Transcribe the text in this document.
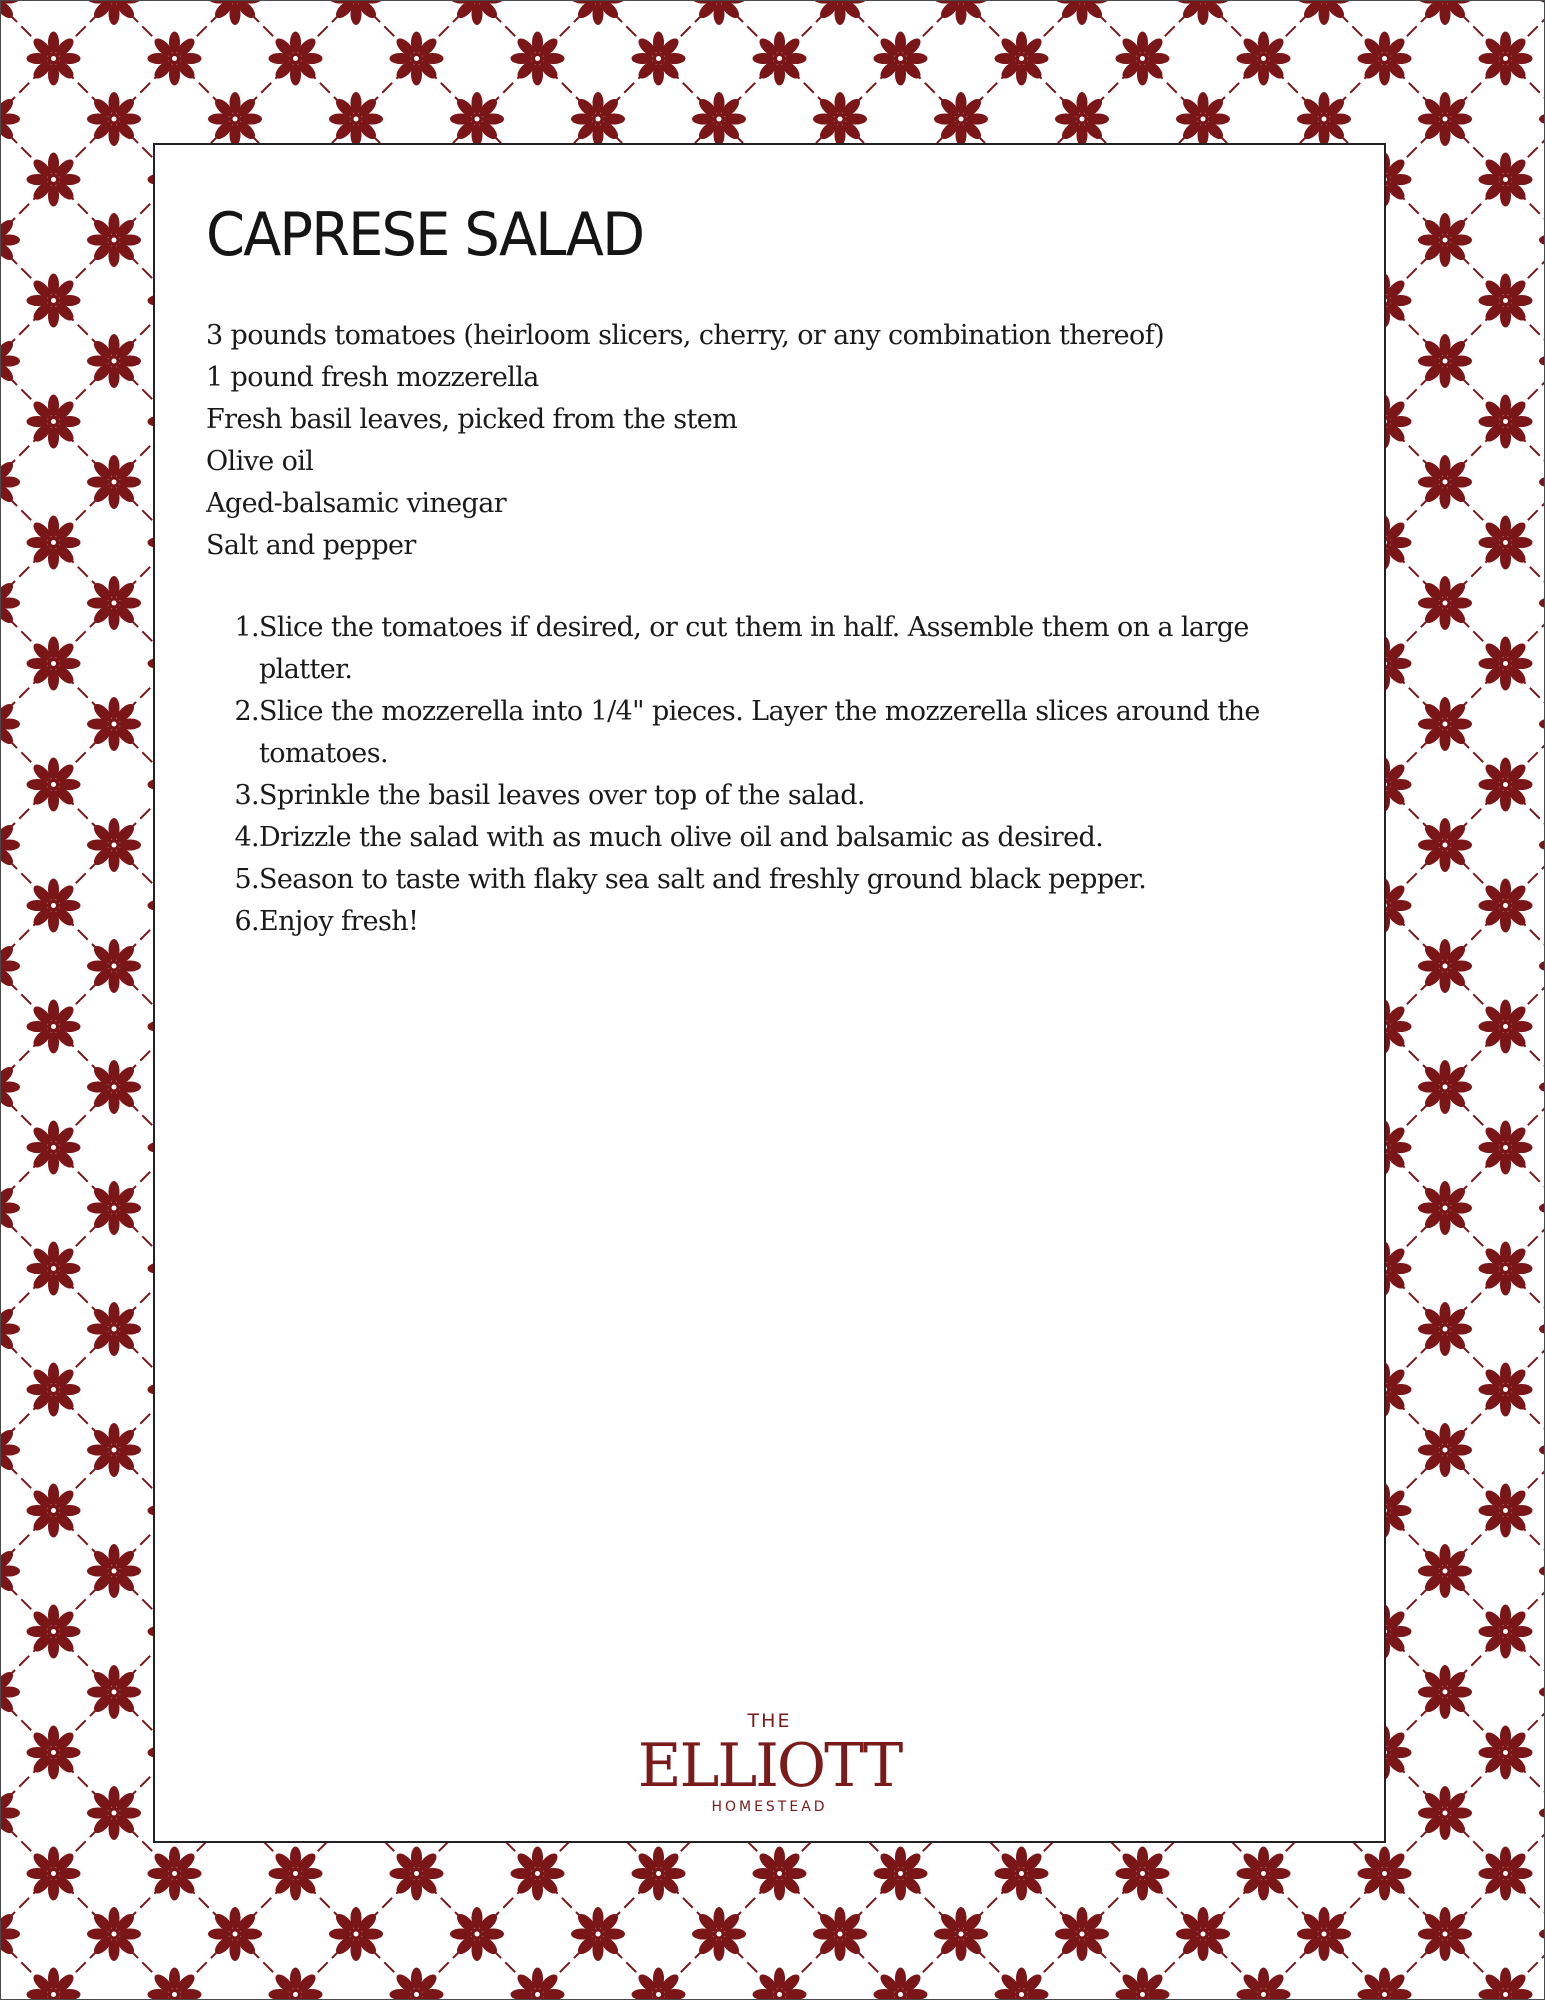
CAPRESE SALAD
3 pounds tomatoes (heirloom slicers, cherry, or any combination thereof)
1 pound fresh mozzerella
Fresh basil leaves, picked from the stem
Olive oil
Aged-balsamic vinegar
Salt and pepper
1. Slice the tomatoes if desired, or cut them in half. Assemble them on a large platter.
2. Slice the mozzerella into 1/4" pieces. Layer the mozzerella slices around the tomatoes.
3. Sprinkle the basil leaves over top of the salad.
4. Drizzle the salad with as much olive oil and balsamic as desired.
5. Season to taste with flaky sea salt and freshly ground black pepper.
6. Enjoy fresh!
THE
ELLIOTT
HOMESTEAD
